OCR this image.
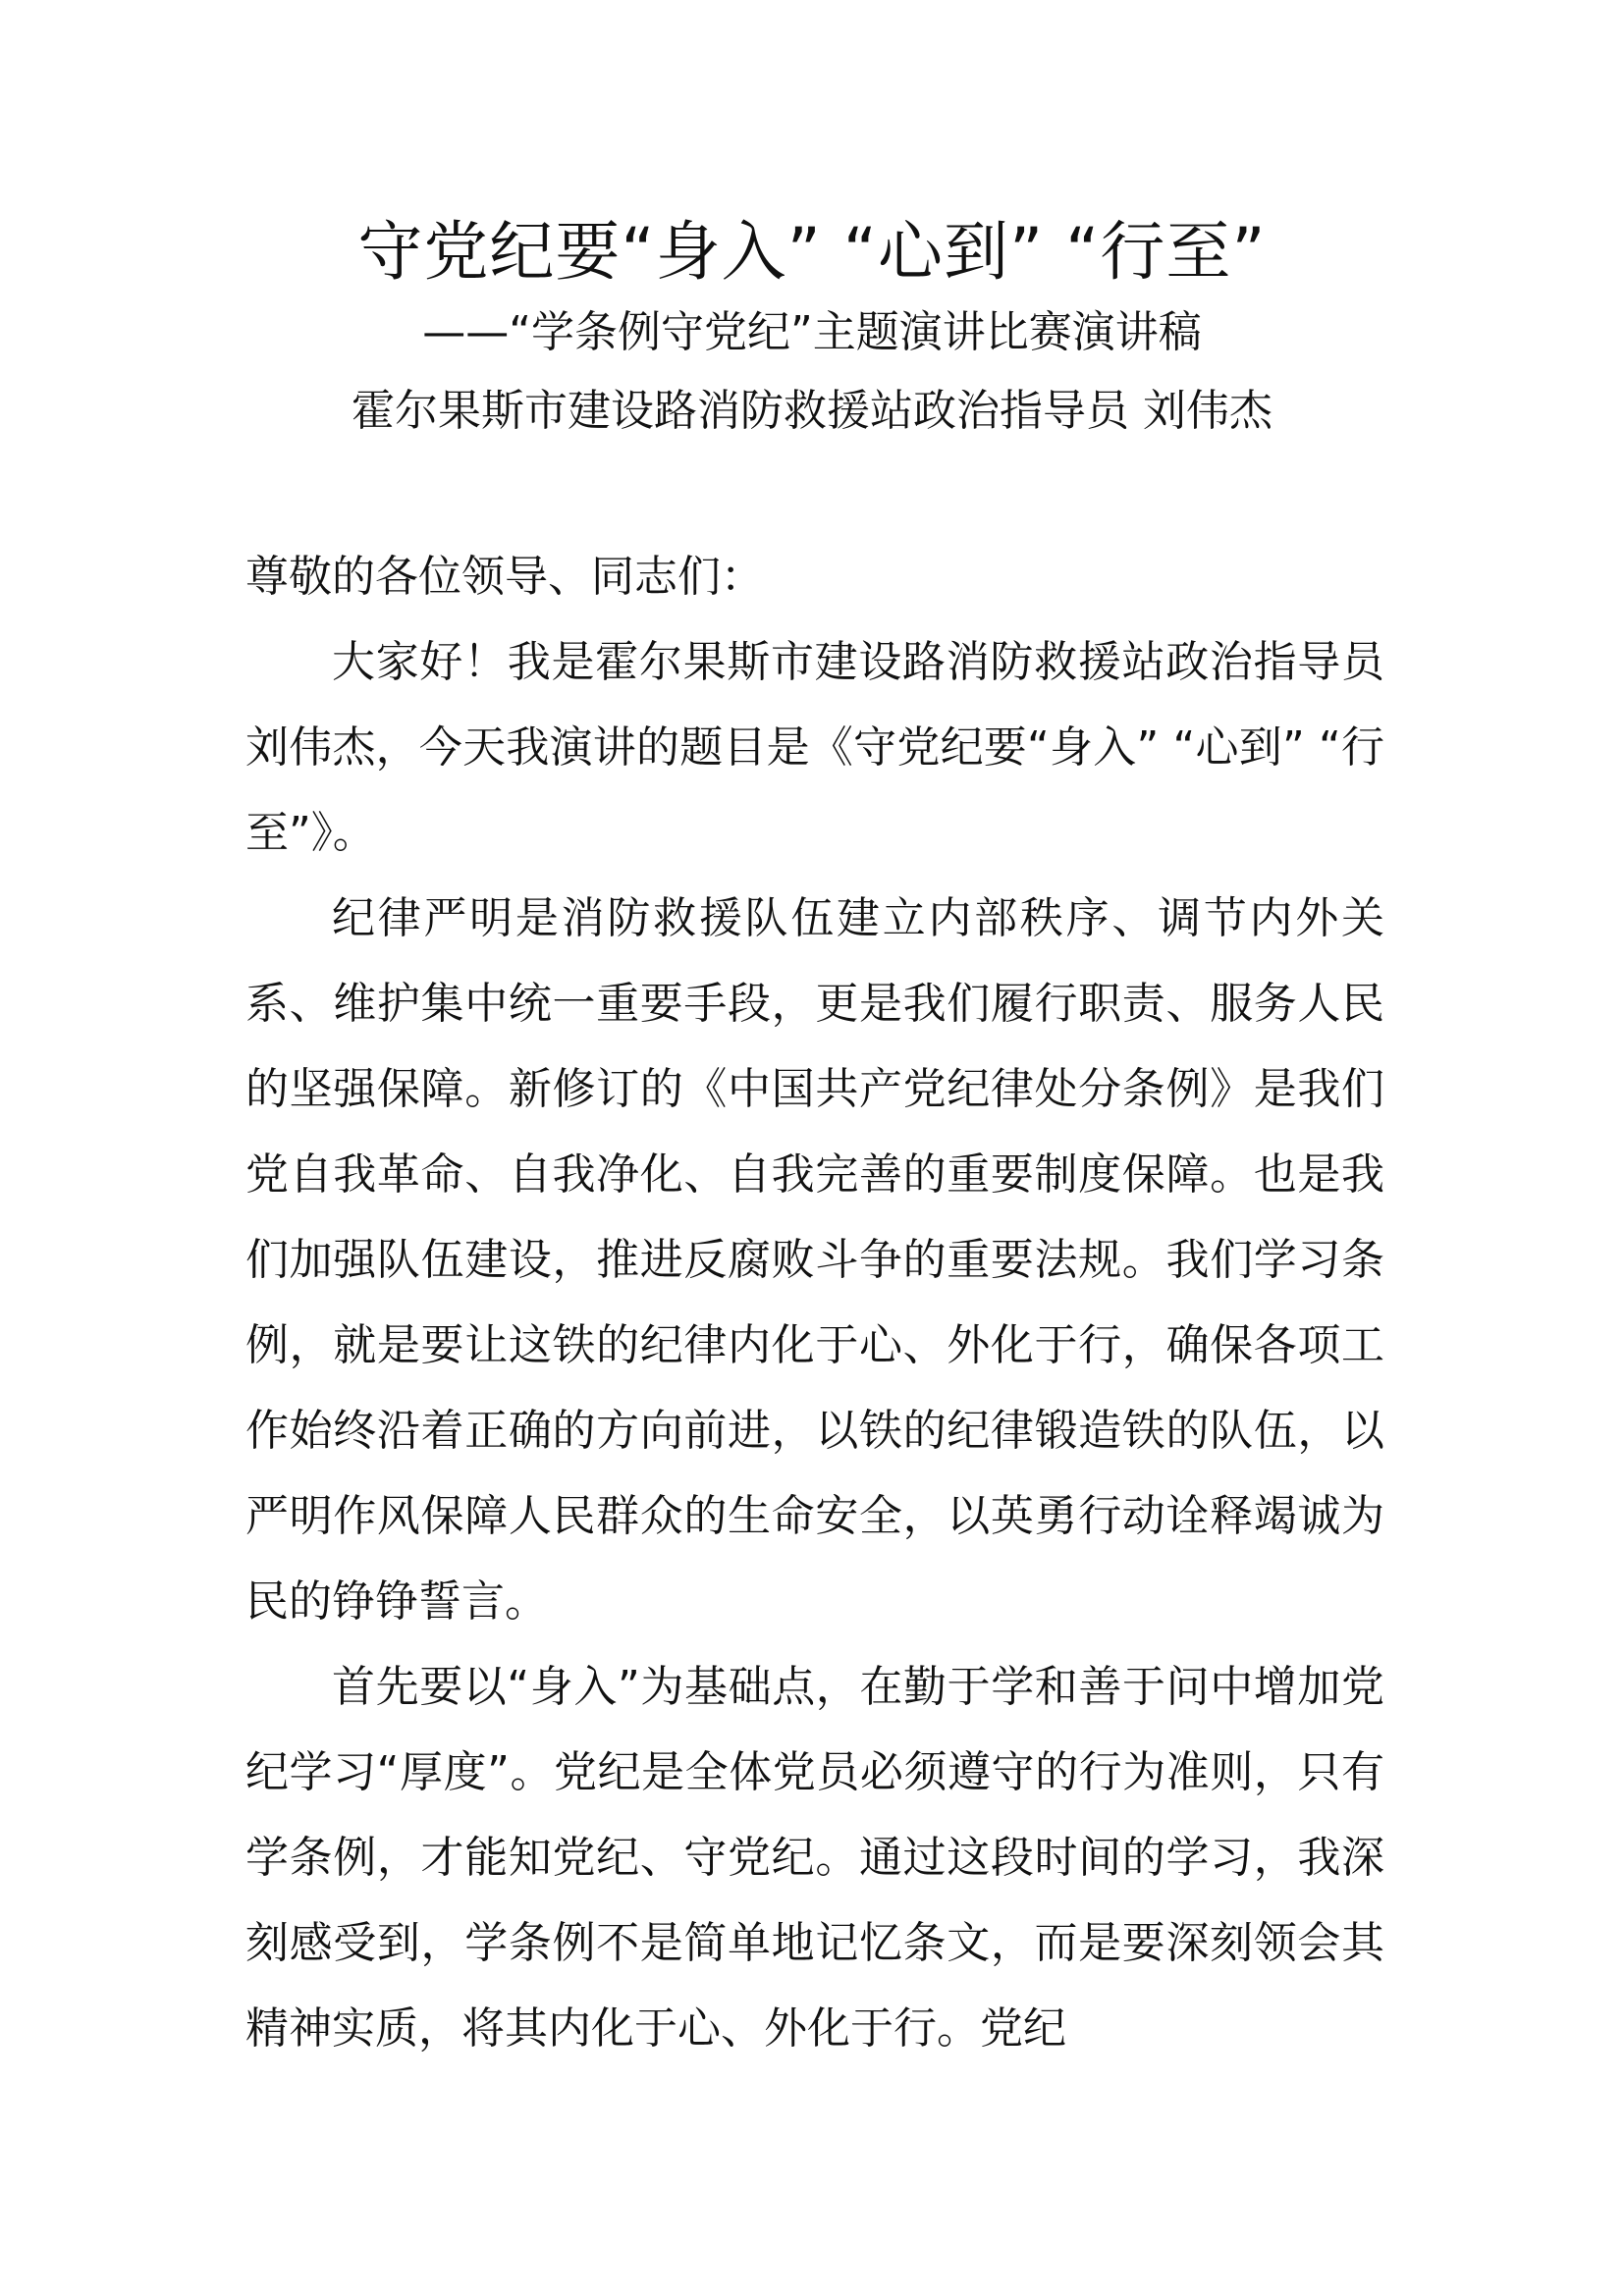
守党纪要“身入” “心到” “行至”
——“学条例守党纪”主题演讲比赛演讲稿
霍尔果斯市建设路消防救援站政治指导员 刘伟杰

尊敬的各位领导、同志们：

大家好！我是霍尔果斯市建设路消防救援站政治指导员刘伟杰，今天我演讲的题目是《守党纪要“身入” “心到” “行至”》。

纪律严明是消防救援队伍建立内部秩序、调节内外关系、维护集中统一重要手段，更是我们履行职责、服务人民的坚强保障。新修订的《中国共产党纪律处分条例》是我们党自我革命、自我净化、自我完善的重要制度保障。也是我们加强队伍建设，推进反腐败斗争的重要法规。我们学习条例，就是要让这铁的纪律内化于心、外化于行，确保各项工作始终沿着正确的方向前进，以铁的纪律锻造铁的队伍，以严明作风保障人民群众的生命安全，以英勇行动诠释竭诚为民的铮铮誓言。

首先要以“身入”为基础点，在勤于学和善于问中增加党纪学习“厚度”。党纪是全体党员必须遵守的行为准则，只有学条例，才能知党纪、守党纪。通过这段时间的学习，我深刻感受到，学条例不是简单地记忆条文，而是要深刻领会其精神实质，将其内化于心、外化于行。党纪
